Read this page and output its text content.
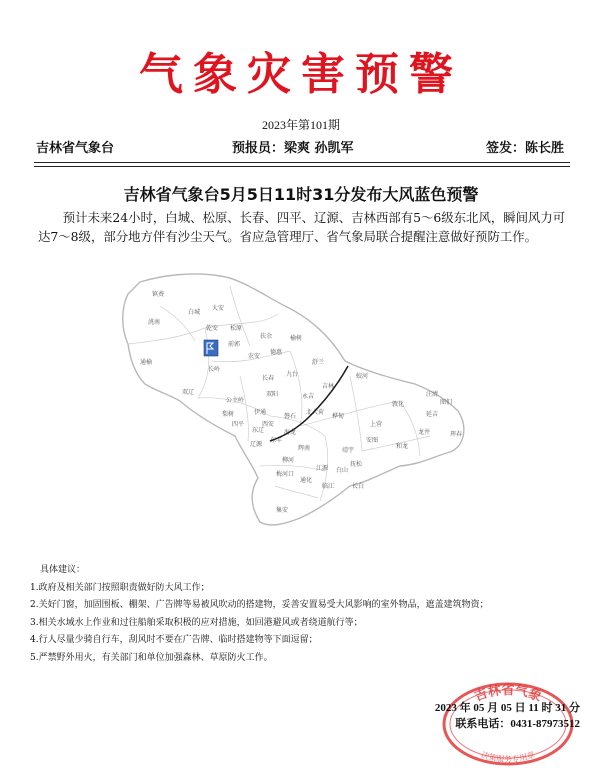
气象灾害预警
2023年第101期
吉林省气象台	预报员：梁爽 孙凯军	签发：陈长胜
吉林省气象台5月5日11时31分发布大风蓝色预警
预计未来24小时，白城、松原、长春、四平、辽源、吉林西部有5～6级东北风，瞬间风力可达7～8级，部分地方伴有沙尘天气。省应急管理厅、省气象局联合提醒注意做好预防工作。
镇赉
洮南
通榆
白城
大安
乾安
前郭
松原
扶余
长岭
农安
德惠
榆树
舒兰
九台
长春
双阳
公主岭
梨树
双辽
四平
伊通
东丰
东辽
辽源
磐石
永吉
吉林
蛟河
桦甸
敦化
安图
和龙
龙井
延吉
图们
汪清
珲春
靖宇
抚松
临江	长白
江源 白山
柳河
辉南
梅河口
通化
集安
北大荷
上营
海龙
西安

具体建议：

1.政府及相关部门按照职责做好防大风工作；

2.关好门窗，加固围板、棚架、广告牌等易被风吹动的搭建物，妥善安置易受大风影响的室外物品，遮盖建筑物资；

3.相关水域水上作业和过往船舶采取积极的应对措施，如回港避风或者绕道航行等；

4.行人尽量少骑自行车，刮风时不要在广告牌、临时搭建物等下面逗留；

5.严禁野外用火，有关部门和单位加强森林、草原防火工作。

吉林省气象
决策服务专用章
2023 年 05 月 05 日 11 时 31 分
联系电话：0431-87973512
